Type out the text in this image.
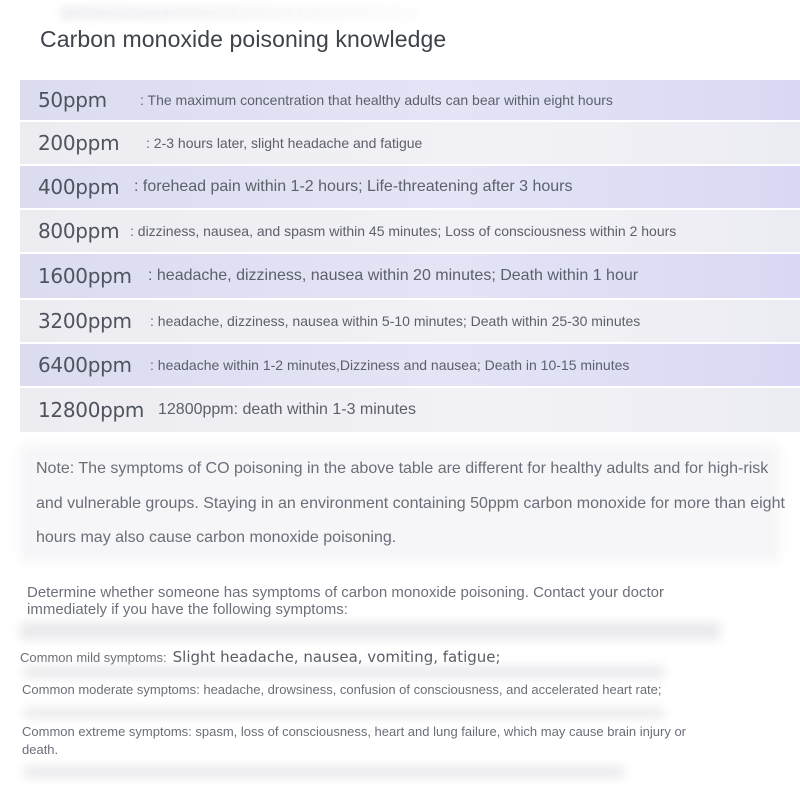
Carbon monoxide poisoning knowledge
50ppm	: The maximum concentration that healthy adults can bear within eight hours
200ppm	: 2-3 hours later, slight headache and fatigue
400ppm : forehead pain within 1-2 hours; Life-threatening after 3 hours
800ppm : dizziness, nausea, and spasm within 45 minutes; Loss of consciousness within 2 hours
1600ppm	: headache, dizziness, nausea within 20 minutes; Death within 1 hour
3200ppm	: headache, dizziness, nausea within 5-10 minutes; Death within 25-30 minutes
6400ppm	: headache within 1-2 minutes,Dizziness and nausea; Death in 10-15 minutes
12800ppm 12800ppm: death within 1-3 minutes
Note: The symptoms of CO poisoning in the above table are different for healthy adults and for high-risk and vulnerable groups. Staying in an environment containing 50ppm carbon monoxide for more than eight hours may also cause carbon monoxide poisoning.
Determine whether someone has symptoms of carbon monoxide poisoning. Contact your doctor immediately if you have the following symptoms:
Common mild symptoms: Slight headache, nausea, vomiting, fatigue;
Common moderate symptoms: headache, drowsiness, confusion of consciousness, and accelerated heart rate;
Common extreme symptoms: spasm, loss of consciousness, heart and lung failure, which may cause brain injury or death.
